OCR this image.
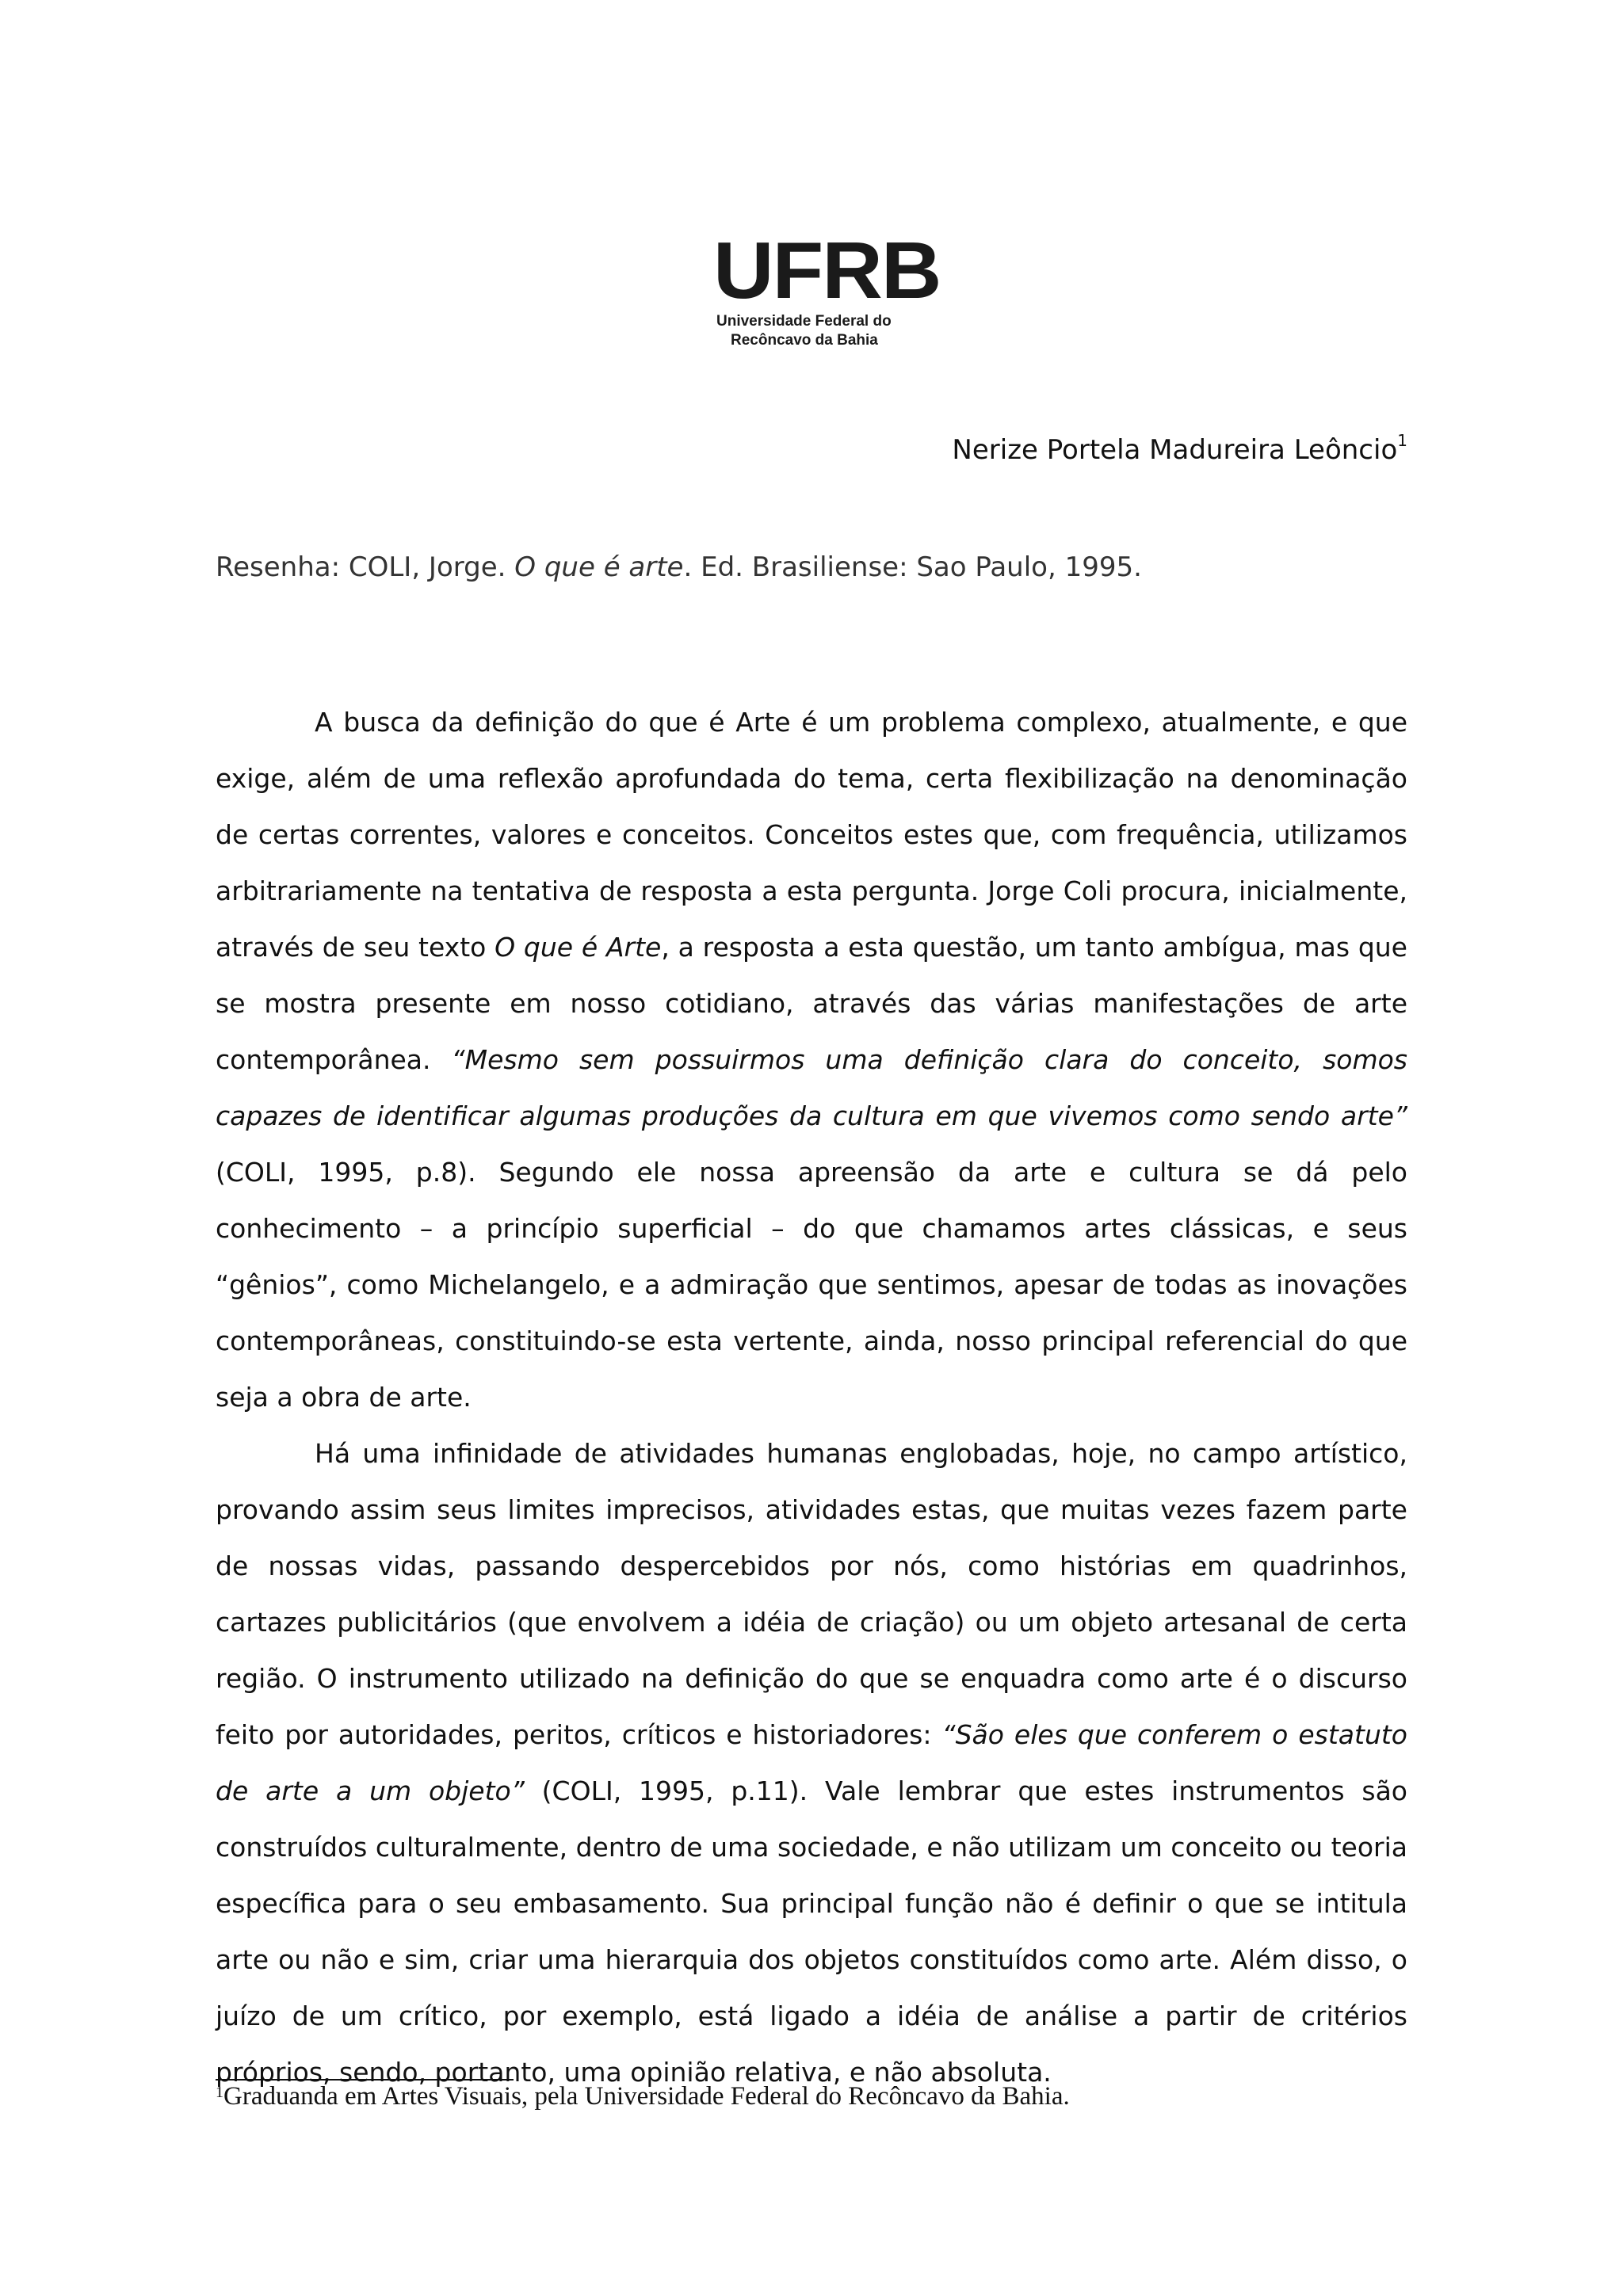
UFRB
Universidade Federal do
Recôncavo da Bahia
Nerize Portela Madureira Leôncio$^1$
Resenha: COLI, Jorge. O que é arte. Ed. Brasiliense: Sao Paulo, 1995.

A busca da definição do que é Arte é um problema complexo, atualmente, e que exige, além de uma reflexão aprofundada do tema, certa flexibilização na denominação de certas correntes, valores e conceitos. Conceitos estes que, com frequência, utilizamos arbitrariamente na tentativa de resposta a esta pergunta. Jorge Coli procura, inicialmente, através de seu texto O que é Arte, a resposta a esta questão, um tanto ambígua, mas que se mostra presente em nosso cotidiano, através das várias manifestações de arte contemporânea. “Mesmo sem possuirmos uma definição clara do conceito, somos capazes de identificar algumas produções da cultura em que vivemos como sendo arte” (COLI, 1995, p.8). Segundo ele nossa apreensão da arte e cultura se dá pelo conhecimento – a princípio superficial – do que chamamos artes clássicas, e seus “gênios”, como Michelangelo, e a admiração que sentimos, apesar de todas as inovações contemporâneas, constituindo-se esta vertente, ainda, nosso principal referencial do que seja a obra de arte.

Há uma infinidade de atividades humanas englobadas, hoje, no campo artístico, provando assim seus limites imprecisos, atividades estas, que muitas vezes fazem parte de nossas vidas, passando despercebidos por nós, como histórias em quadrinhos, cartazes publicitários (que envolvem a idéia de criação) ou um objeto artesanal de certa região. O instrumento utilizado na definição do que se enquadra como arte é o discurso feito por autoridades, peritos, críticos e historiadores: “São eles que conferem o estatuto de arte a um objeto” (COLI, 1995, p.11). Vale lembrar que estes instrumentos são construídos culturalmente, dentro de uma sociedade, e não utilizam um conceito ou teoria específica para o seu embasamento. Sua principal função não é definir o que se intitula arte ou não e sim, criar uma hierarquia dos objetos constituídos como arte. Além disso, o juízo de um crítico, por exemplo, está ligado a idéia de análise a partir de critérios próprios, sendo, portanto, uma opinião relativa, e não absoluta.

$^1$Graduanda em Artes Visuais, pela Universidade Federal do Recôncavo da Bahia.
